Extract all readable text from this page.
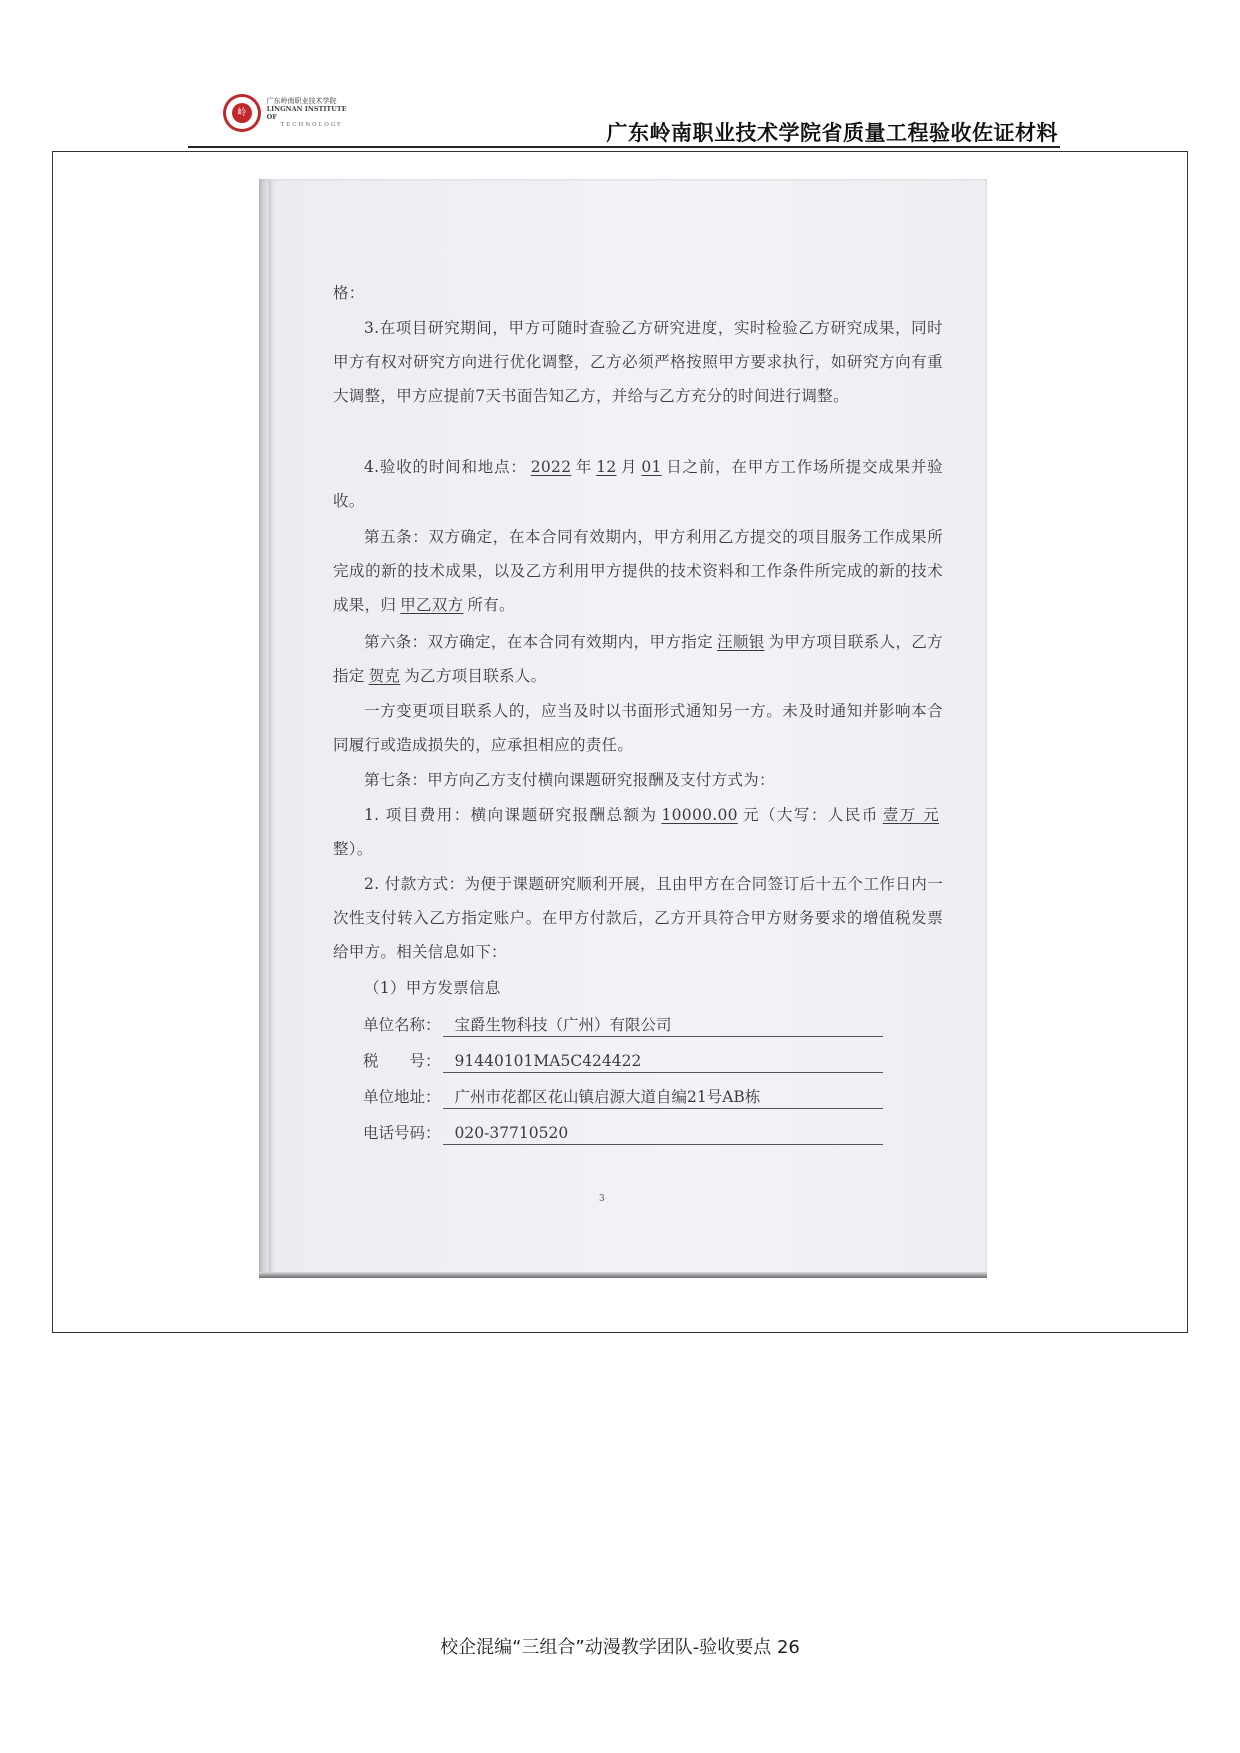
岭
广东岭南职业技术学院
LINGNAN INSTITUTE OF
TECHNOLOGY	广东岭南职业技术学院省质量工程验收佐证材料

格：

3.在项目研究期间，甲方可随时查验乙方研究进度，实时检验乙方研究成果，同时甲方有权对研究方向进行优化调整，乙方必须严格按照甲方要求执行，如研究方向有重大调整，甲方应提前7天书面告知乙方，并给与乙方充分的时间进行调整。

4.验收的时间和地点： 2022 年 12 月 01 日之前，在甲方工作场所提交成果并验收。

第五条：双方确定，在本合同有效期内，甲方利用乙方提交的项目服务工作成果所完成的新的技术成果，以及乙方利用甲方提供的技术资料和工作条件所完成的新的技术成果，归 甲乙双方 所有。

第六条：双方确定，在本合同有效期内，甲方指定 汪顺银 为甲方项目联系人，乙方指定 贺克 为乙方项目联系人。

一方变更项目联系人的，应当及时以书面形式通知另一方。未及时通知并影响本合同履行或造成损失的，应承担相应的责任。

第七条：甲方向乙方支付横向课题研究报酬及支付方式为：

1. 项目费用：横向课题研究报酬总额为 10000.00 元（大写：人民币 壹万 元整）。

2. 付款方式：为便于课题研究顺利开展，且由甲方在合同签订后十五个工作日内一次性支付转入乙方指定账户。在甲方付款后，乙方开具符合甲方财务要求的增值税发票给甲方。相关信息如下：

（1）甲方发票信息

单位名称： 宝爵生物科技（广州）有限公司
税　　号： 91440101MA5C424422
单位地址： 广州市花都区花山镇启源大道自编21号AB栋
电话号码： 020-37710520
3
校企混编“三组合”动漫教学团队-验收要点 26
